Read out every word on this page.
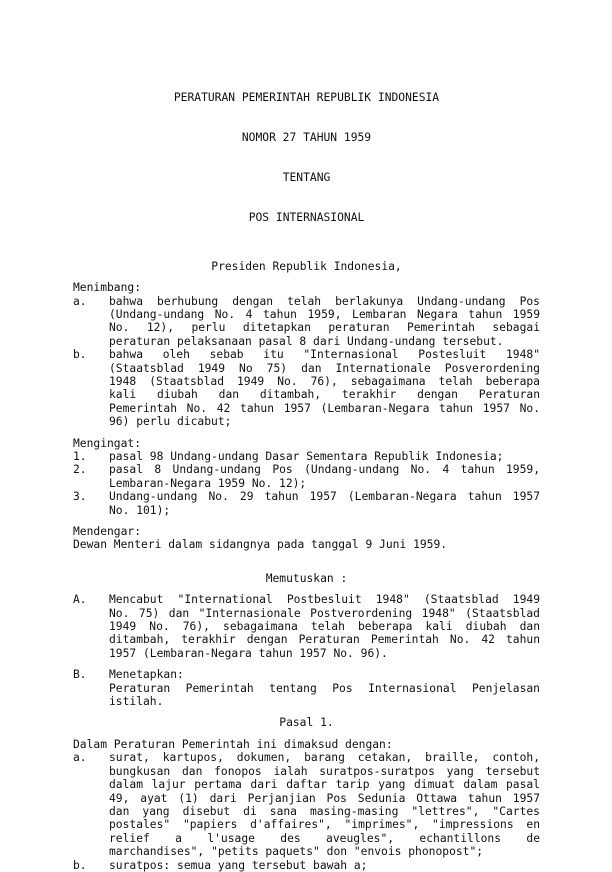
PERATURAN PEMERINTAH REPUBLIK INDONESIA

NOMOR 27 TAHUN 1959

TENTANG

POS INTERNASIONAL

Presiden Republik Indonesia,
Menimbang:
a. bahwa berhubung dengan telah berlakunya Undang-undang Pos
(Undang-undang No. 4 tahun 1959, Lembaran Negara tahun 1959
No. 12), perlu ditetapkan peraturan Pemerintah sebagai
peraturan pelaksanaan pasal 8 dari Undang-undang tersebut.
b. bahwa oleh sebab itu "Internasional Postesluit 1948"
(Staatsblad 1949 No 75) dan Internationale Posverordening
1948 (Staatsblad 1949 No. 76), sebagaimana telah beberapa
kali diubah dan ditambah, terakhir dengan Peraturan
Pemerintah No. 42 tahun 1957 (Lembaran-Negara tahun 1957 No.
96) perlu dicabut;
Mengingat:
1. pasal 98 Undang-undang Dasar Sementara Republik Indonesia;
2. pasal 8 Undang-undang Pos (Undang-undang No. 4 tahun 1959,
Lembaran-Negara 1959 No. 12);
3. Undang-undang No. 29 tahun 1957 (Lembaran-Negara tahun 1957
No. 101);
Mendengar:
Dewan Menteri dalam sidangnya pada tanggal 9 Juni 1959.
Memutuskan :
A. Mencabut "International Postbesluit 1948" (Staatsblad 1949
No. 75) dan "Internasionale Postverordening 1948" (Staatsblad
1949 No. 76), sebagaimana telah beberapa kali diubah dan
ditambah, terakhir dengan Peraturan Pemerintah No. 42 tahun
1957 (Lembaran-Negara tahun 1957 No. 96).
B. Menetapkan:
Peraturan Pemerintah tentang Pos Internasional Penjelasan
istilah.
Pasal 1.
Dalam Peraturan Pemerintah ini dimaksud dengan:
a. surat, kartupos, dokumen, barang cetakan, braille, contoh,
bungkusan dan fonopos ialah suratpos-suratpos yang tersebut
dalam lajur pertama dari daftar tarip yang dimuat dalam pasal
49, ayat (1) dari Perjanjian Pos Sedunia Ottawa tahun 1957
dan yang disebut di sana masing-masing "lettres", "Cartes
postales" "papiers d'affaires", "imprimes", "impressions en
relief a l'usage des aveugles", echantillons de
marchandises", "petits paquets" don "envois phonopost";
b. suratpos: semua yang tersebut bawah a;
